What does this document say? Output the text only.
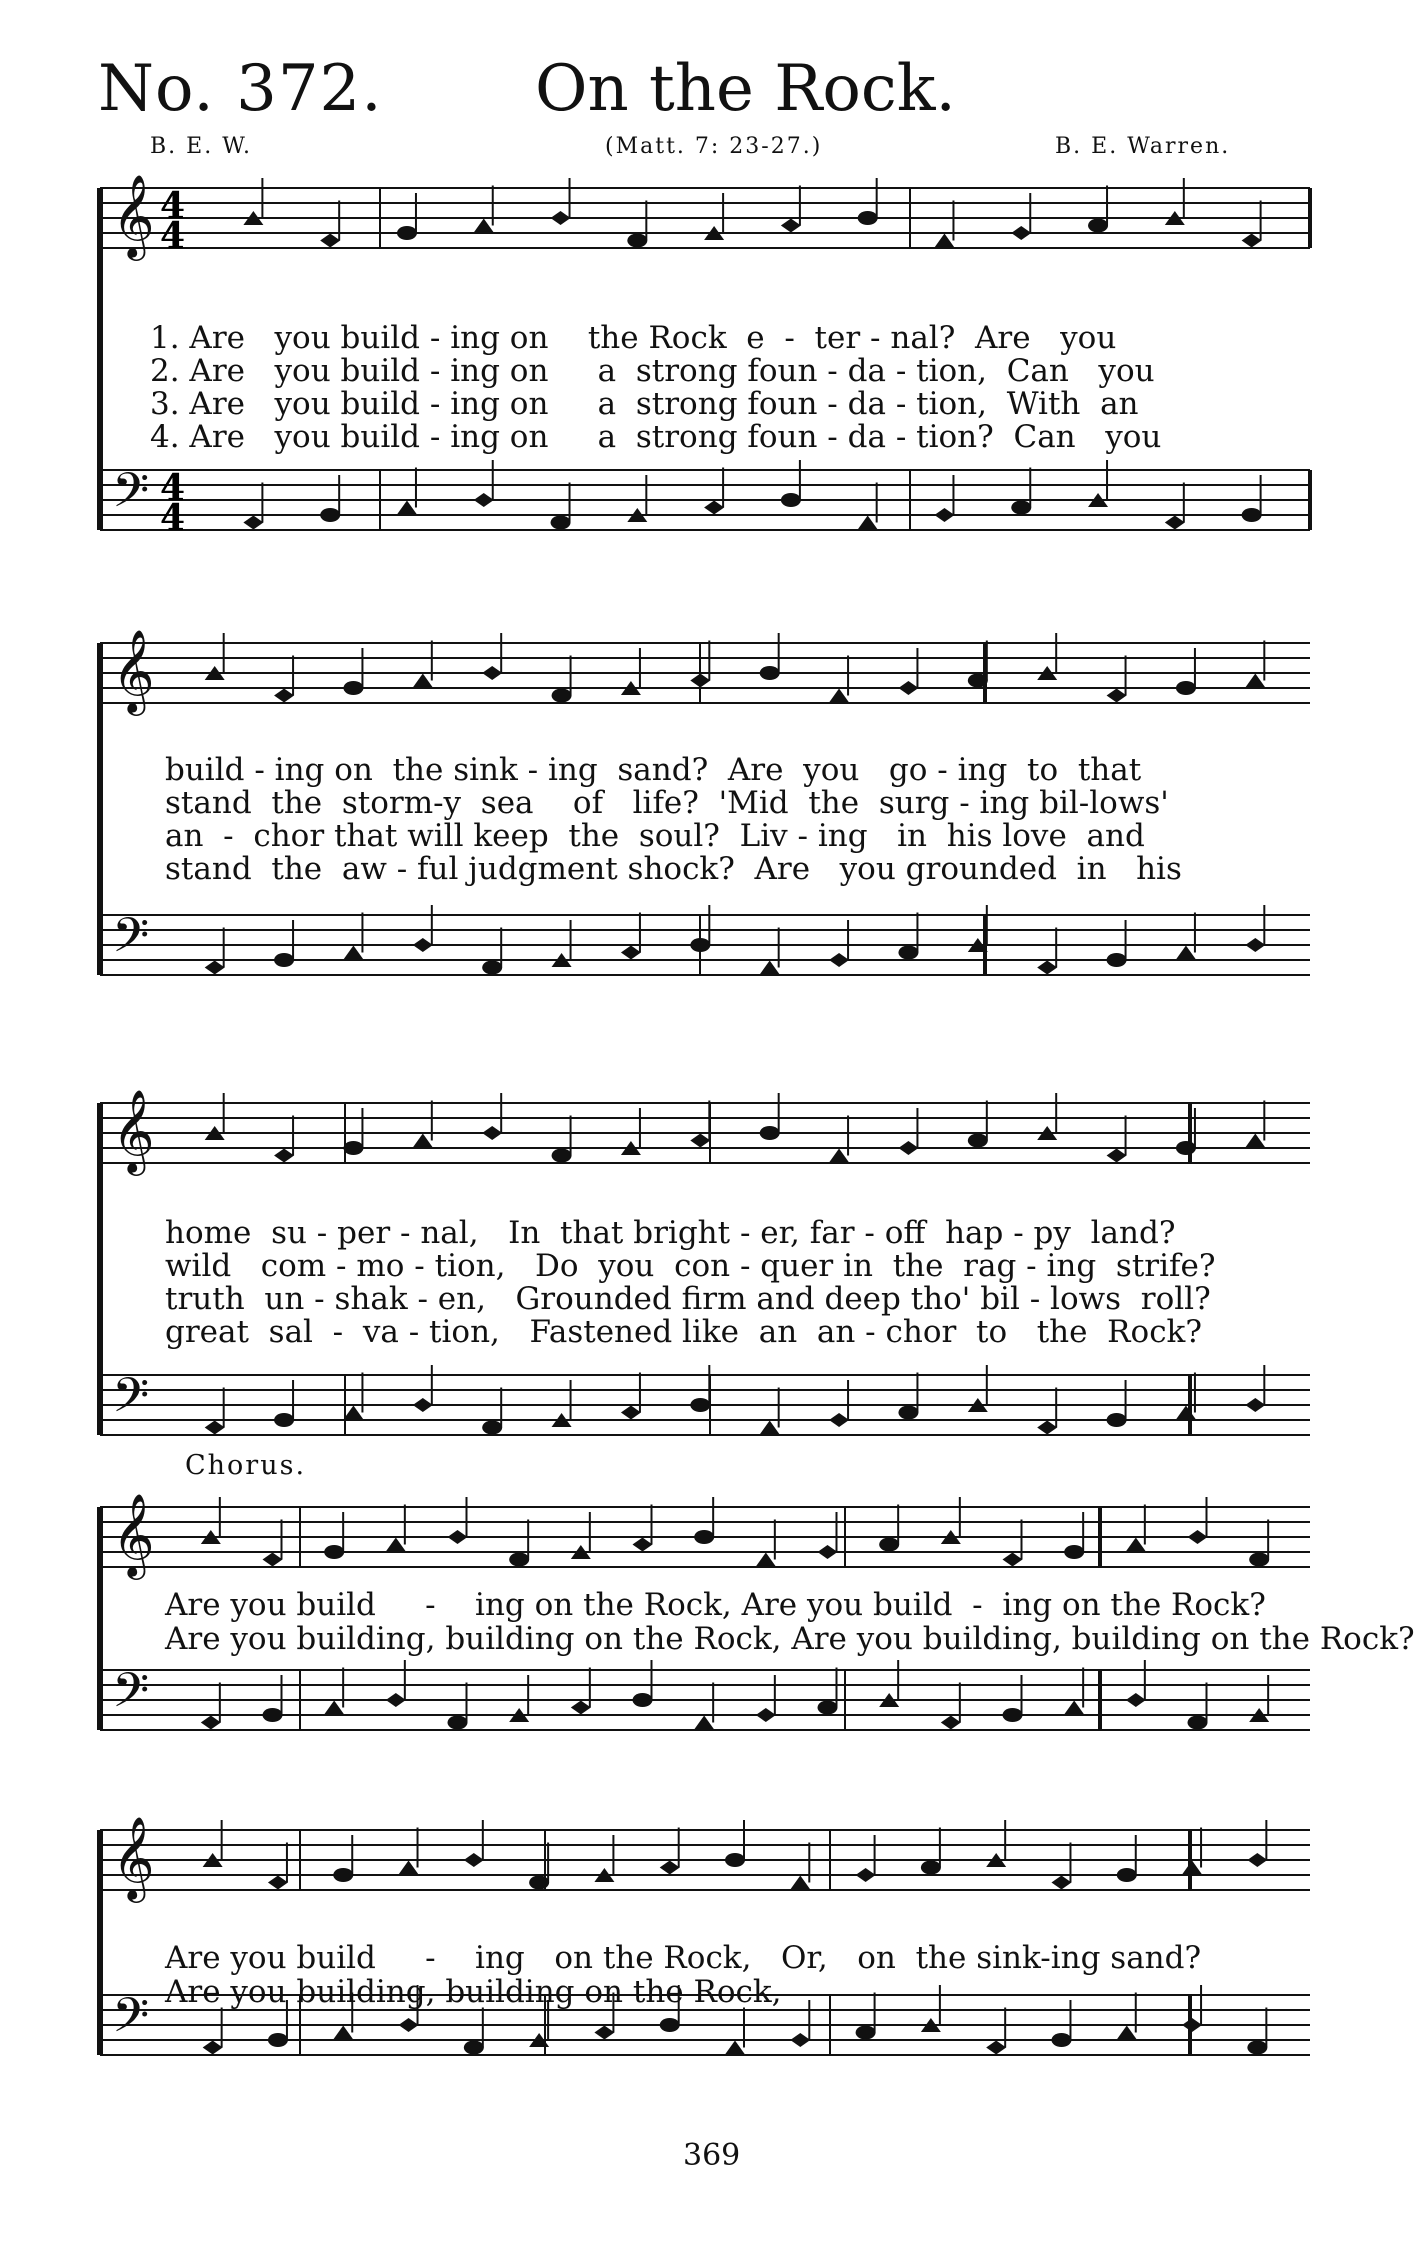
No. 372. On the Rock.
B. E. W.	(Matt. 7: 23-27.)	B. E. Warren.
𝄞 4
4
𝄢 4
4
1. Are   you build - ing on    the Rock  e  -  ter - nal?  Are   you
2. Are   you build - ing on     a  strong foun - da - tion,  Can   you
3. Are   you build - ing on     a  strong foun - da - tion,  With  an
4. Are   you build - ing on     a  strong foun - da - tion?  Can   you
𝄞
𝄢
build - ing on  the sink - ing  sand?  Are  you   go - ing  to  that
stand  the  storm-y  sea    of   life?  'Mid  the  surg - ing bil-lows'
an  -  chor that will keep  the  soul?  Liv - ing   in  his love  and
stand  the  aw - ful judgment shock?  Are   you grounded  in   his
𝄞
𝄢
home  su - per - nal,   In  that bright - er, far - off  hap - py  land?
wild   com - mo - tion,   Do  you  con - quer in  the  rag - ing  strife?
truth  un - shak - en,   Grounded firm and deep tho' bil - lows  roll?
great  sal  -  va - tion,   Fastened like  an  an - chor  to   the  Rock?
Chorus.
𝄞
𝄢
Are you build     -    ing on the Rock, Are you build  -  ing on the Rock?
Are you building, building on the Rock, Are you building, building on the Rock?
𝄞
𝄢
Are you build     -    ing   on the Rock,   Or,   on  the sink-ing sand?
Are you building, building on the Rock,
369
